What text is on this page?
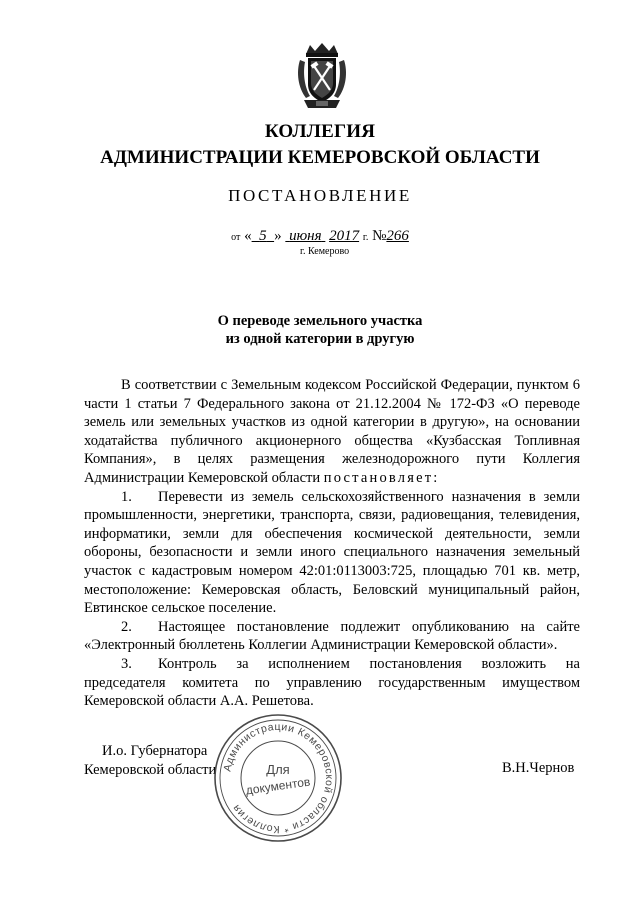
КОЛЛЕГИЯ
АДМИНИСТРАЦИИ КЕМЕРОВСКОЙ ОБЛАСТИ
ПОСТАНОВЛЕНИЕ
от « 5 » июня 2017 г. №266
г. Кемерово
О переводе земельного участка
из одной категории в другую

В соответствии с Земельным кодексом Российской Федерации, пунктом 6 части 1 статьи 7 Федерального закона от 21.12.2004 № 172-ФЗ «О переводе земель или земельных участков из одной категории в другую», на основании ходатайства публичного акционерного общества «Кузбасская Топливная Компания», в целях размещения железнодорожного пути Коллегия Администрации Кемеровской области постановляет:

1. Перевести из земель сельскохозяйственного назначения в земли промышленности, энергетики, транспорта, связи, радиовещания, телевидения, информатики, земли для обеспечения космической деятельности, земли обороны, безопасности и земли иного специального назначения земельный участок с кадастровым номером 42:01:0113003:725, площадью 701 кв. метр, местоположение: Кемеровская область, Беловский муниципальный район, Евтинское сельское поселение.

2. Настоящее постановление подлежит опубликованию на сайте «Электронный бюллетень Коллегии Администрации Кемеровской области».

3. Контроль за исполнением постановления возложить на председателя комитета по управлению государственным имуществом Кемеровской области А.А. Решетова.

И.о. Губернатора
Кемеровской области	В.Н.Чернов
Администрации Кемеровской области * Коллегия
Для
документов
